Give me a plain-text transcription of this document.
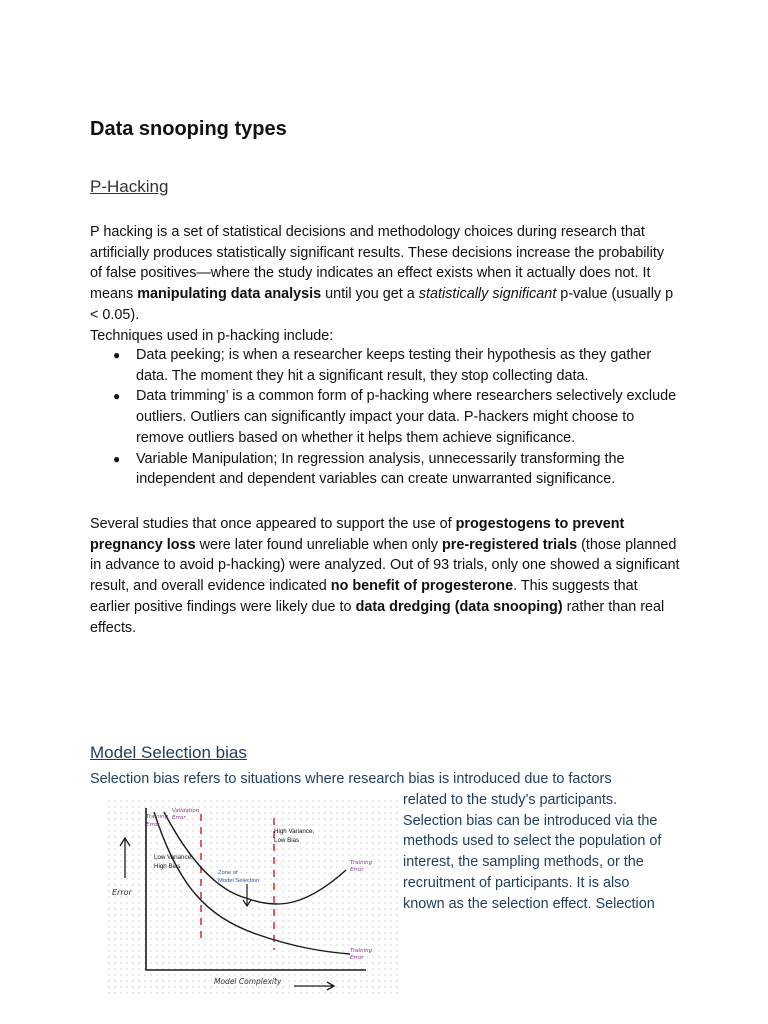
Data snooping types
P-Hacking

P hacking is a set of statistical decisions and methodology choices during research that artificially produces statistically significant results. These decisions increase the probability of false positives—where the study indicates an effect exists when it actually does not. It means manipulating data analysis until you get a statistically significant p-value (usually p < 0.05).
Techniques used in p-hacking include:

● Data peeking; is when a researcher keeps testing their hypothesis as they gather data. The moment they hit a significant result, they stop collecting data.
● Data trimming’ is a common form of p-hacking where researchers selectively exclude outliers. Outliers can significantly impact your data. P-hackers might choose to remove outliers based on whether it helps them achieve significance.
● Variable Manipulation; In regression analysis, unnecessarily transforming the independent and dependent variables can create unwarranted significance.

Several studies that once appeared to support the use of progestogens to prevent pregnancy loss were later found unreliable when only pre-registered trials (those planned in advance to avoid p-hacking) were analyzed. Out of 93 trials, only one showed a significant result, and overall evidence indicated no benefit of progesterone. This suggests that earlier positive findings were likely due to data dredging (data snooping) rather than real effects.

Model Selection bias

Selection bias refers to situations where research bias is introduced due to factors

related to the study’s participants.
Selection bias can be introduced via the
methods used to select the population of
interest, the sampling methods, or the
recruitment of participants. It is also
known as the selection effect. Selection
Training
Error
Validation
Error
Low Variance,
High Bias
High Variance,
Low Bias
Zone of
Model Selection
Error
Model Complexity
Training
Error
Training
Error
